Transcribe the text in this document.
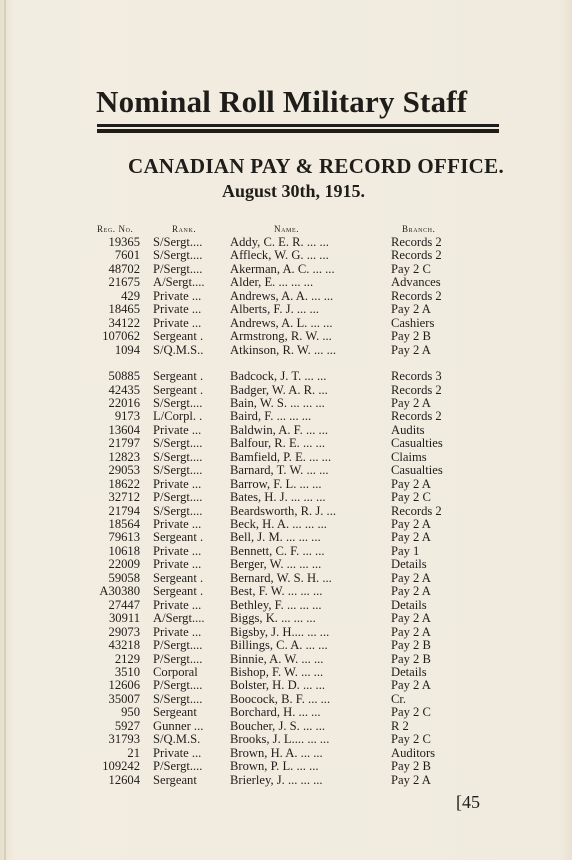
Nominal Roll Military Staff
CANADIAN PAY & RECORD OFFICE.
August 30th, 1915.
Reg. No.	Rank.	Name.	Branch.
19365 S/Sergt....	Addy, C. E. R. ... ...	Records 2
7601 S/Sergt....	Affleck, W. G. ... ...	Records 2
48702 P/Sergt....	Akerman, A. C. ... ...	Pay 2 C
21675 A/Sergt....	Alder, E. ... ... ...	Advances
429 Private ...	Andrews, A. A. ... ...	Records 2
18465 Private ...	Alberts, F. J. ... ...	Pay 2 A
34122 Private ...	Andrews, A. L. ... ...	Cashiers
107062 Sergeant .	Armstrong, R. W. ...	Pay 2 B
1094 S/Q.M.S..	Atkinson, R. W. ... ...	Pay 2 A
50885 Sergeant .	Badcock, J. T. ... ...	Records 3
42435 Sergeant .	Badger, W. A. R. ...	Records 2
22016 S/Sergt....	Bain, W. S. ... ... ...	Pay 2 A
9173 L/Corpl. .	Baird, F. ... ... ...	Records 2
13604 Private ...	Baldwin, A. F. ... ...	Audits
21797 S/Sergt....	Balfour, R. E. ... ...	Casualties
12823 S/Sergt....	Bamfield, P. E. ... ...	Claims
29053 S/Sergt....	Barnard, T. W. ... ...	Casualties
18622 Private ...	Barrow, F. L. ... ...	Pay 2 A
32712 P/Sergt....	Bates, H. J. ... ... ...	Pay 2 C
21794 S/Sergt....	Beardsworth, R. J. ...	Records 2
18564 Private ...	Beck, H. A. ... ... ...	Pay 2 A
79613 Sergeant .	Bell, J. M. ... ... ...	Pay 2 A
10618 Private ...	Bennett, C. F. ... ...	Pay 1
22009 Private ...	Berger, W. ... ... ...	Details
59058 Sergeant .	Bernard, W. S. H. ...	Pay 2 A
A30380 Sergeant .	Best, F. W. ... ... ...	Pay 2 A
27447 Private ...	Bethley, F. ... ... ...	Details
30911 A/Sergt....	Biggs, K. ... ... ...	Pay 2 A
29073 Private ...	Bigsby, J. H.... ... ...	Pay 2 A
43218 P/Sergt....	Billings, C. A. ... ...	Pay 2 B
2129 P/Sergt....	Binnie, A. W. ... ...	Pay 2 B
3510 Corporal	Bishop, F. W. ... ...	Details
12606 P/Sergt....	Bolster, H. D. ... ...	Pay 2 A
35007 S/Sergt....	Boocock, B. F. ... ...	Cr.
950 Sergeant	Borchard, H. ... ...	Pay 2 C
5927 Gunner ...	Boucher, J. S. ... ...	R 2
31793 S/Q.M.S.	Brooks, J. L.... ... ...	Pay 2 C
21 Private ...	Brown, H. A. ... ...	Auditors
109242 P/Sergt....	Brown, P. L. ... ...	Pay 2 B
12604 Sergeant	Brierley, J. ... ... ...	Pay 2 A
[45
